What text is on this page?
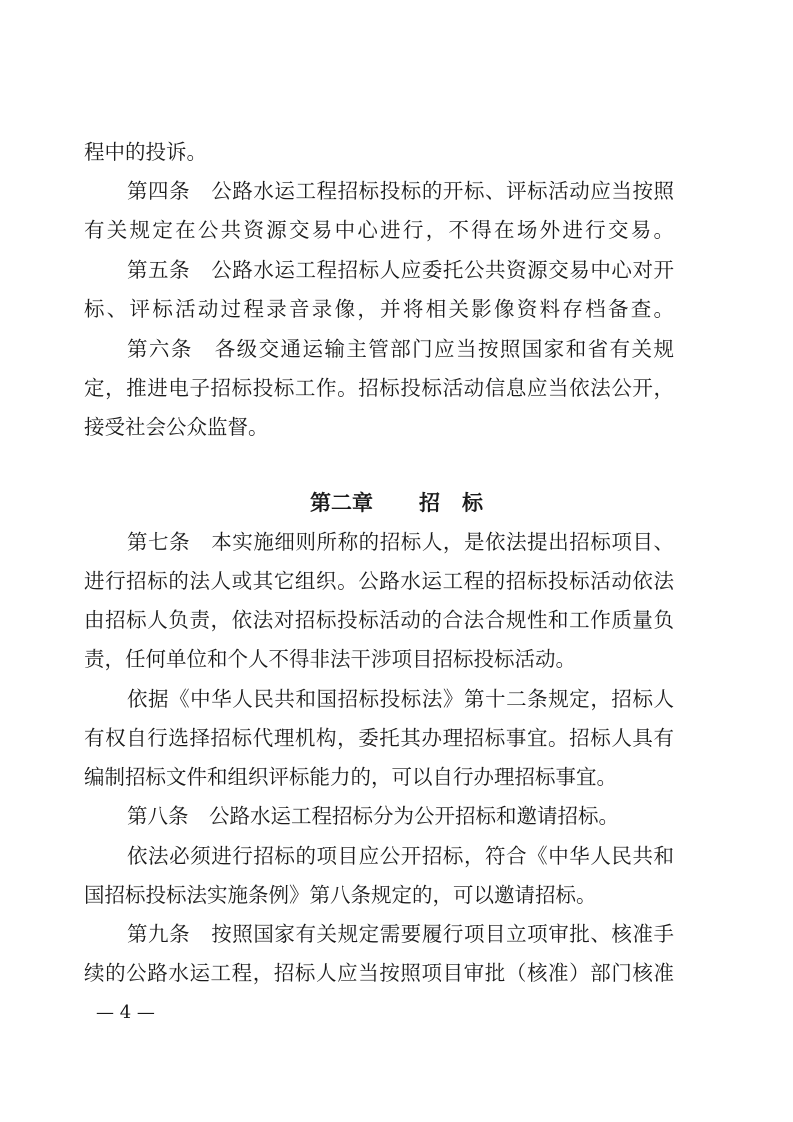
程中的投诉。
第四条　公路水运工程招标投标的开标、评标活动应当按照
有关规定在公共资源交易中心进行，不得在场外进行交易。
第五条　公路水运工程招标人应委托公共资源交易中心对开
标、评标活动过程录音录像，并将相关影像资料存档备查。
第六条　各级交通运输主管部门应当按照国家和省有关规
定，推进电子招标投标工作。招标投标活动信息应当依法公开，
接受社会公众监督。
第二章 招 标
第七条　本实施细则所称的招标人，是依法提出招标项目、
进行招标的法人或其它组织。公路水运工程的招标投标活动依法
由招标人负责，依法对招标投标活动的合法合规性和工作质量负
责，任何单位和个人不得非法干涉项目招标投标活动。
依据《中华人民共和国招标投标法》第十二条规定，招标人
有权自行选择招标代理机构，委托其办理招标事宜。招标人具有
编制招标文件和组织评标能力的，可以自行办理招标事宜。
第八条　公路水运工程招标分为公开招标和邀请招标。
依法必须进行招标的项目应公开招标，符合《中华人民共和
国招标投标法实施条例》第八条规定的，可以邀请招标。
第九条　按照国家有关规定需要履行项目立项审批、核准手
续的公路水运工程，招标人应当按照项目审批（核准）部门核准
— 4 —
